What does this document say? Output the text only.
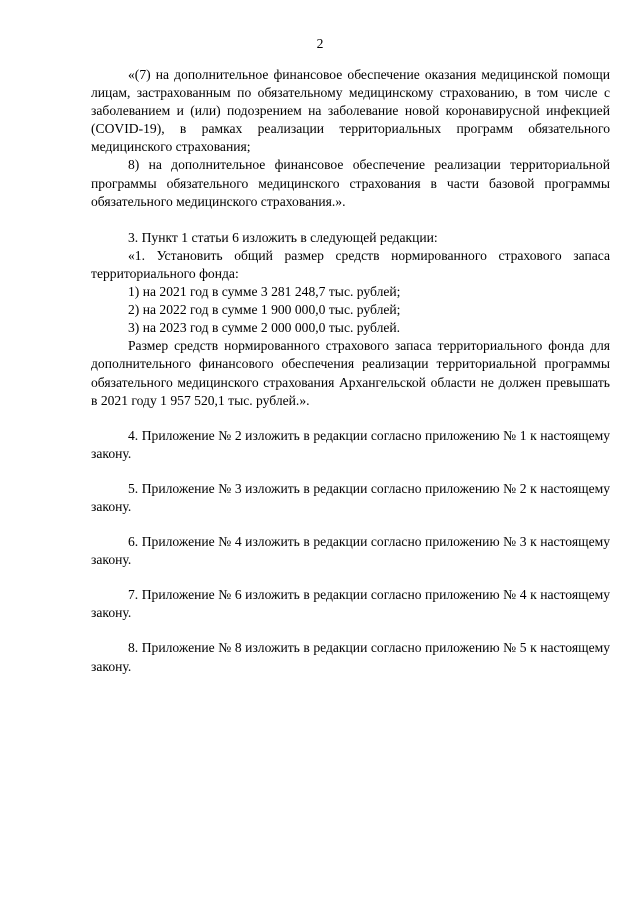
2

«(7) на дополнительное финансовое обеспечение оказания медицинской помощи лицам, застрахованным по обязательному медицинскому страхованию, в том числе с заболеванием и (или) подозрением на заболевание новой коронавирусной инфекцией (COVID-19), в рамках реализации территориальных программ обязательного медицинского страхования;

8) на дополнительное финансовое обеспечение реализации территориальной программы обязательного медицинского страхования в части базовой программы обязательного медицинского страхования.».

3. Пункт 1 статьи 6 изложить в следующей редакции:

«1. Установить общий размер средств нормированного страхового запаса территориального фонда:

1) на 2021 год в сумме 3 281 248,7 тыс. рублей;

2) на 2022 год в сумме 1 900 000,0 тыс. рублей;

3) на 2023 год в сумме 2 000 000,0 тыс. рублей.

Размер средств нормированного страхового запаса территориального фонда для дополнительного финансового обеспечения реализации территориальной программы обязательного медицинского страхования Архангельской области не должен превышать в 2021 году 1 957 520,1 тыс. рублей.».

4. Приложение № 2 изложить в редакции согласно приложению № 1 к настоящему закону.

5. Приложение № 3 изложить в редакции согласно приложению № 2 к настоящему закону.

6. Приложение № 4 изложить в редакции согласно приложению № 3 к настоящему закону.

7. Приложение № 6 изложить в редакции согласно приложению № 4 к настоящему закону.

8. Приложение № 8 изложить в редакции согласно приложению № 5 к настоящему закону.
